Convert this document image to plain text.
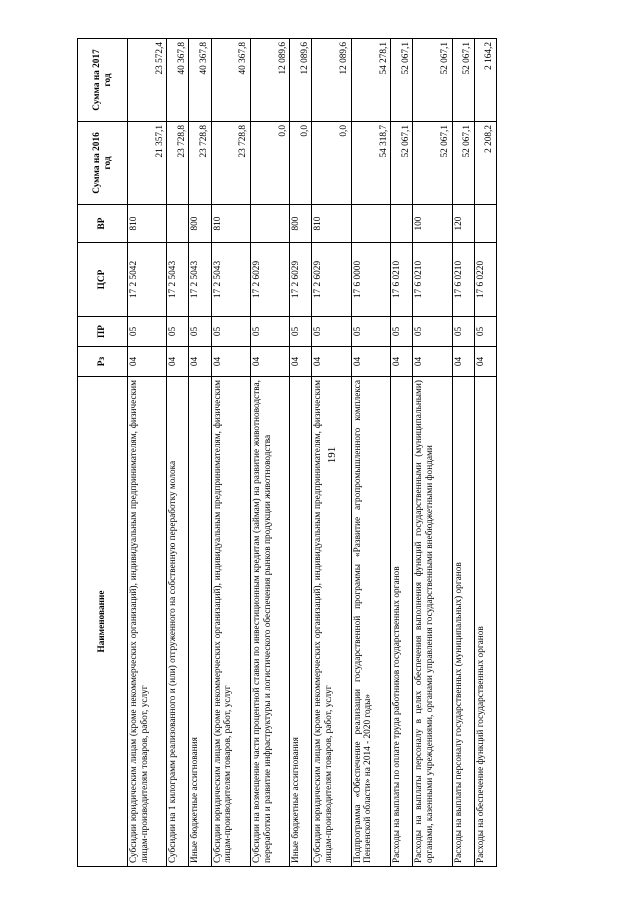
191
Наименование	Рз	ПР	ЦСР	ВР	Сумма на 2016 год	Сумма на 2017 год
Субсидии юридическим лицам (кроме некоммерческих организаций), индивидуальным предпринимателям, физическим лицам-производителям товаров, работ, услуг	04	05	17 2 5042	810	21 357,1	23 572,4
Субсидии на 1 килограмм реализованного и (или) отгруженного на собственную переработку молока	04	05	17 2 5043		23 728,8	40 367,8
Иные бюджетные ассигнования	04	05	17 2 5043	800	23 728,8	40 367,8
Субсидии юридическим лицам (кроме некоммерческих организаций), индивидуальным предпринимателям, физическим лицам-производителям товаров, работ, услуг	04	05	17 2 5043	810	23 728,8	40 367,8
Субсидии на возмещение части процентной ставки по инвестиционным кредитам (займам) на развитие животноводства, переработки и развитие инфраструктуры и логистического обеспечения рынков продукции животноводства	04	05	17 2 6029		0,0	12 089,6
Иные бюджетные ассигнования	04	05	17 2 6029	800	0,0	12 089,6
Субсидии юридическим лицам (кроме некоммерческих организаций), индивидуальным предпринимателям, физическим лицам-производителям товаров, работ, услуг	04	05	17 2 6029	810	0,0	12 089,6
Подпрограмма «Обеспечение реализации государственной программы «Развитие агропромышленного комплекса Пензенской области» на 2014 - 2020 годы»	04	05	17 6 0000		54 318,7	54 278,1
Расходы на выплаты по оплате труда работников государственных органов	04	05	17 6 0210		52 067,1	52 067,1
Расходы на выплаты персоналу в целях обеспечения выполнения функций государственными (муниципальными) органами, казенными учреждениями, органами управления государственными внебюджетными фондами	04	05	17 6 0210	100	52 067,1	52 067,1
Расходы на выплаты персоналу государственных (муниципальных) органов	04	05	17 6 0210	120	52 067,1	52 067,1
Расходы на обеспечение функций государственных органов	04	05	17 6 0220		2 208,2	2 164,2
